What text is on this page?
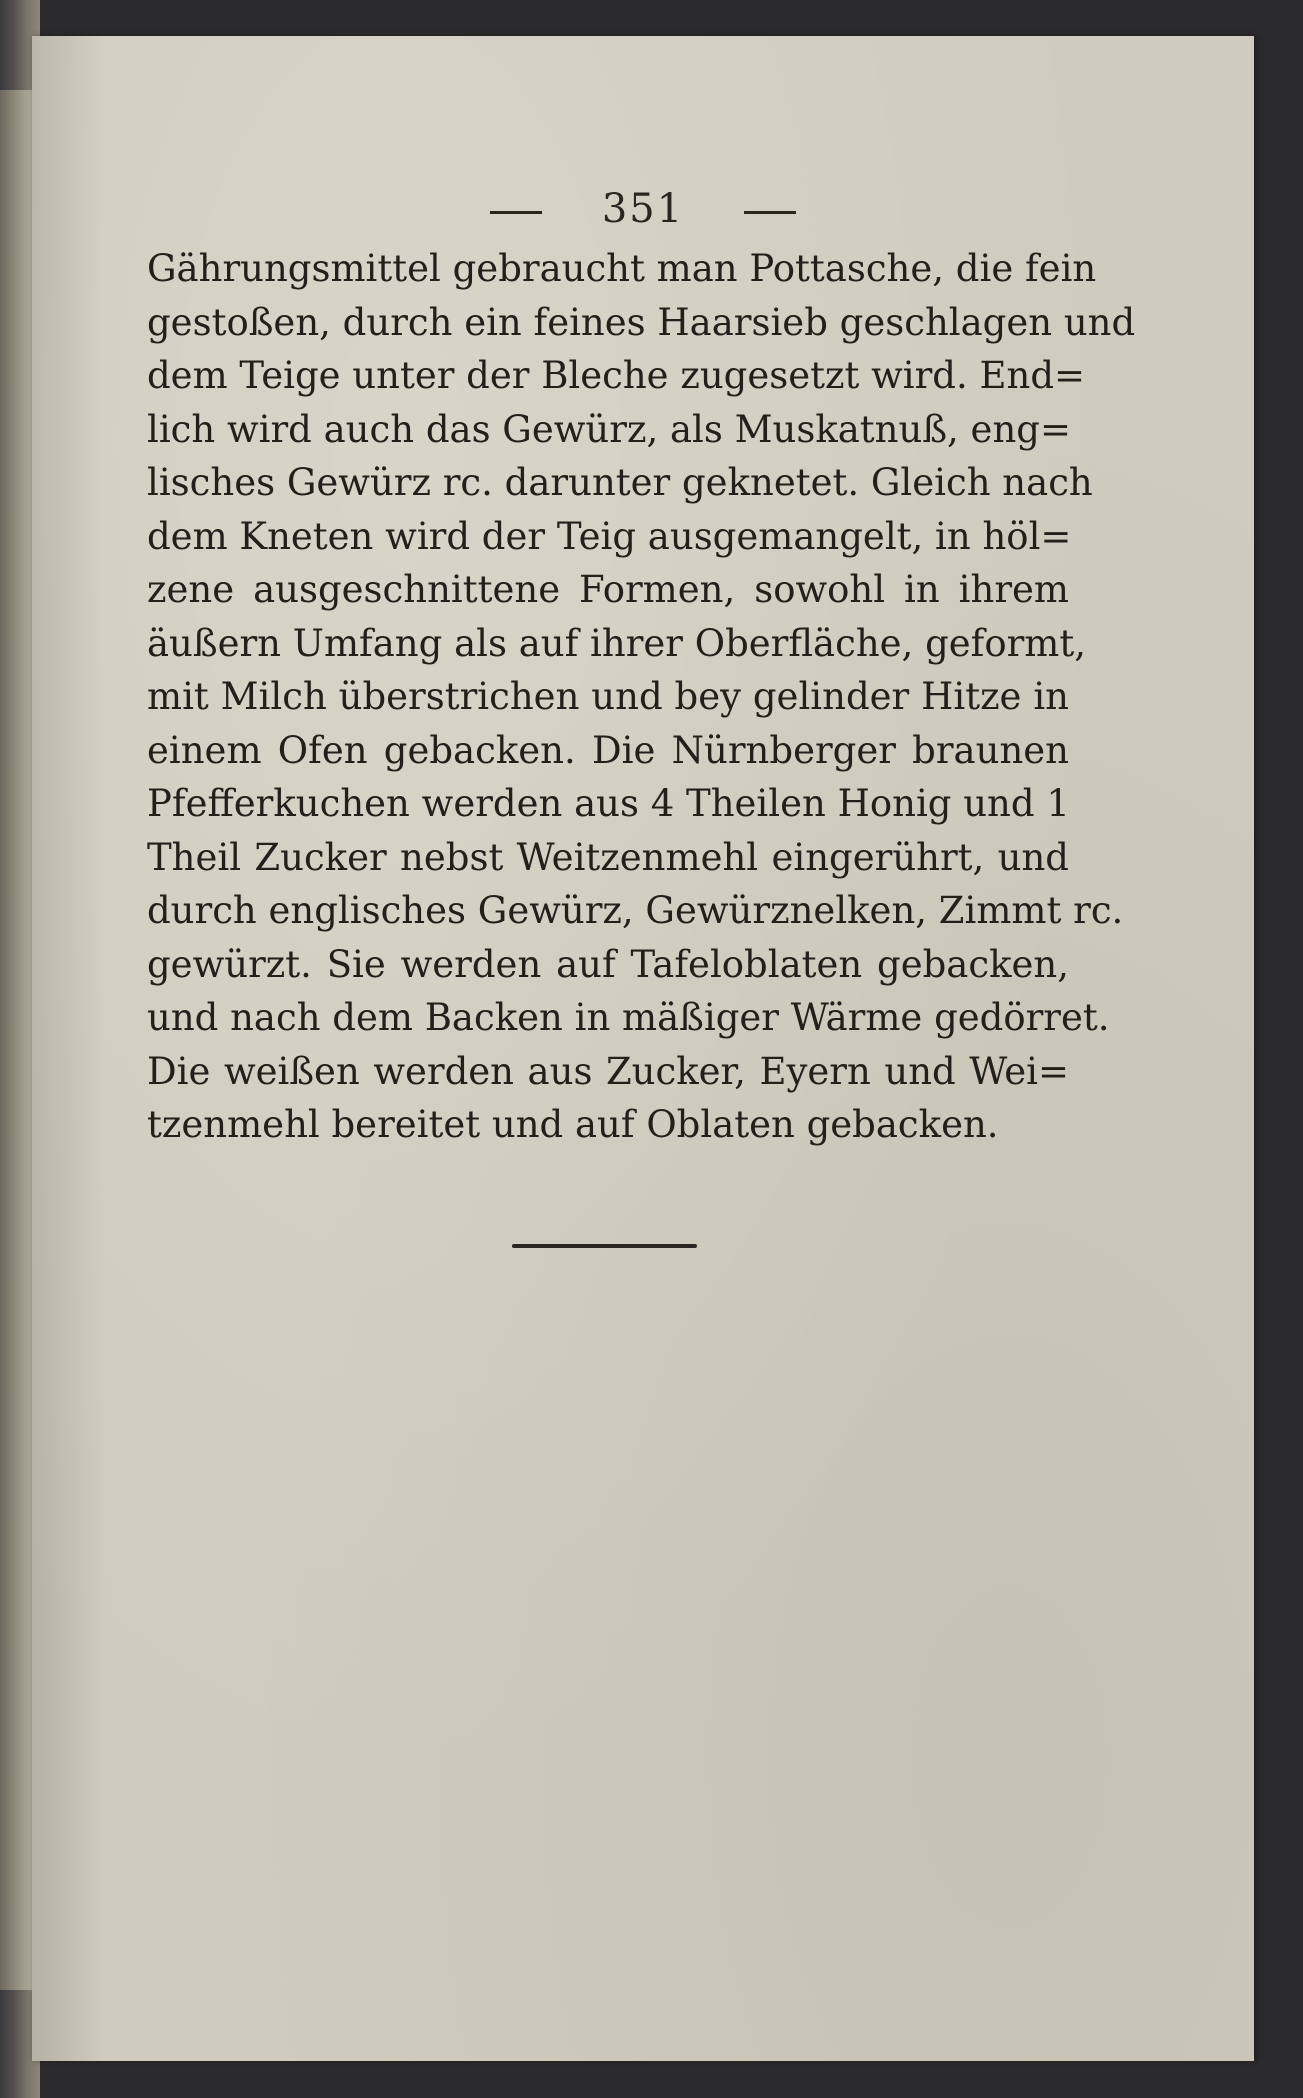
351
Gährungsmittel gebraucht man Pottasche, die fein
gestoßen, durch ein feines Haarsieb geschlagen und
dem Teige unter der Bleche zugesetzt wird. End=
lich wird auch das Gewürz, als Muskatnuß, eng=
lisches Gewürz rc. darunter geknetet. Gleich nach
dem Kneten wird der Teig ausgemangelt, in höl=
zene ausgeschnittene Formen, sowohl in ihrem
äußern Umfang als auf ihrer Oberfläche, geformt,
mit Milch überstrichen und bey gelinder Hitze in
einem Ofen gebacken. Die Nürnberger braunen
Pfefferkuchen werden aus 4 Theilen Honig und 1
Theil Zucker nebst Weitzenmehl eingerührt, und
durch englisches Gewürz, Gewürznelken, Zimmt rc.
gewürzt. Sie werden auf Tafeloblaten gebacken,
und nach dem Backen in mäßiger Wärme gedörret.
Die weißen werden aus Zucker, Eyern und Wei=
tzenmehl bereitet und auf Oblaten gebacken.
